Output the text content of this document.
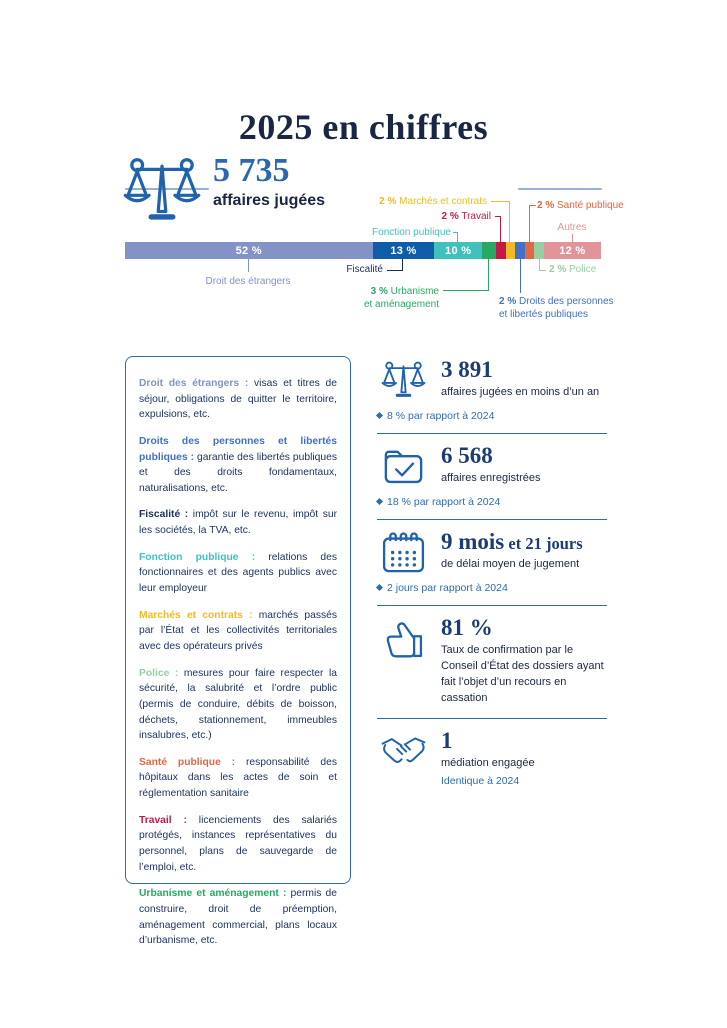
2025 en chiffres
5 735
affaires jugées
52 %	13 %	10 %	12 %
Droit des étrangers
Fiscalité
Fonction publique
3 % Urbanisme
et aménagement
2 % Travail
2 % Marchés et contrats
2 % Droits des personnes
et libertés publiques
2 % Santé publique
2 % Police
Autres

Droit des étrangers : visas et titres de séjour, obligations de quitter le territoire, expulsions, etc.

Droits des personnes et libertés publiques : garantie des libertés publiques et des droits fondamentaux, naturalisations, etc.

Fiscalité : impôt sur le revenu, impôt sur les sociétés, la TVA, etc.

Fonction publique : relations des fonctionnaires et des agents publics avec leur employeur

Marchés et contrats : marchés passés par l’État et les collectivités territoriales avec des opérateurs privés

Police : mesures pour faire respecter la sécurité, la salubrité et l’ordre public (permis de conduire, débits de boisson, déchets, stationnement, immeubles insalubres, etc.)

Santé publique : responsabilité des hôpitaux dans les actes de soin et réglementation sanitaire

Travail : licenciements des salariés protégés, instances représentatives du personnel, plans de sauvegarde de l’emploi, etc.

Urbanisme et aménagement : permis de construire, droit de préemption, aménagement commercial, plans locaux d’urbanisme, etc.

3 891
affaires jugées en moins d’un an
8 % par rapport à 2024
6 568
affaires enregistrées
18 % par rapport à 2024
9 mois et 21 jours
de délai moyen de jugement
2 jours par rapport à 2024
81 %
Taux de confirmation par le Conseil d’État des dossiers ayant fait l’objet d’un recours en cassation
1
médiation engagée
Identique à 2024
